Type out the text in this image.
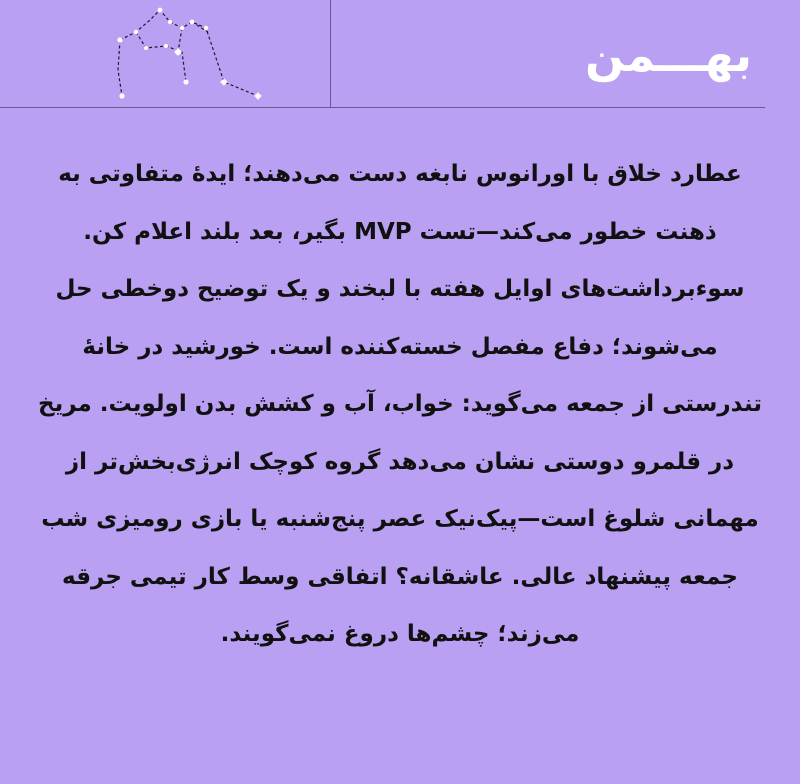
بهـــمن
عطارد خلاق با اورانوس نابغه دست می‌دهند؛ ایدهٔ متفاوتی به ذهنت خطور می‌کند—تست MVP بگیر، بعد بلند اعلام کن. سوءبرداشت‌های اوایل هفته با لبخند و یک توضیح دوخطی حل می‌شوند؛ دفاع مفصل خسته‌کننده است. خورشید در خانهٔ تندرستی از جمعه می‌گوید: خواب، آب و کشش بدن اولویت. مریخ در قلمرو دوستی نشان می‌دهد گروه کوچک انرژی‌بخش‌تر از مهمانی شلوغ است—پیک‌نیک عصر پنج‌شنبه یا بازی رومیزی شب جمعه پیشنهاد عالی. عاشقانه؟ اتفاقی وسط کار تیمی جرقه می‌زند؛ چشم‌ها دروغ نمی‌گویند.
